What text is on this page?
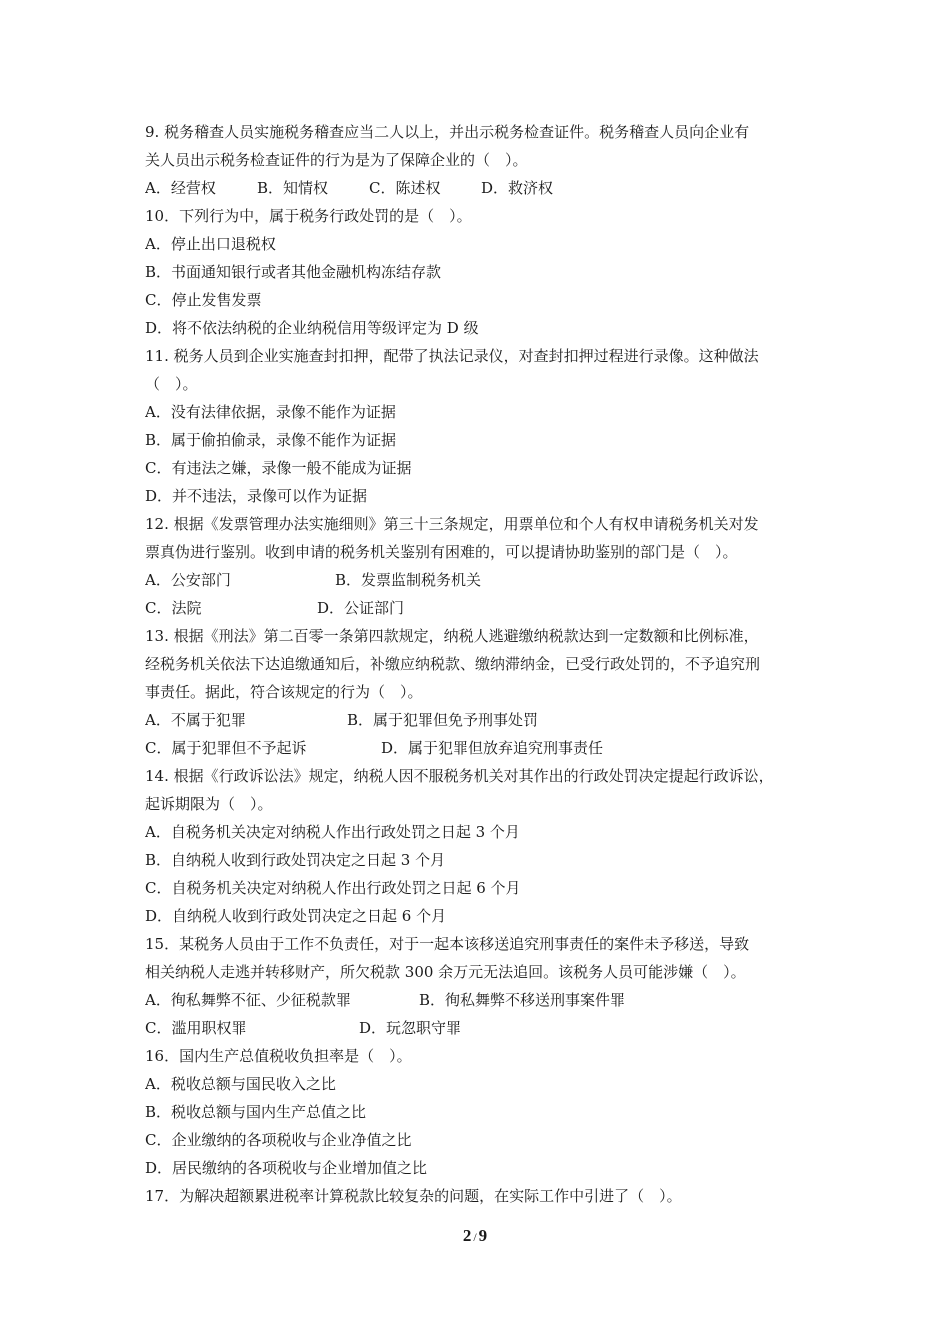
9. 税务稽查人员实施税务稽查应当二人以上，并出示税务检查证件。税务稽查人员向企业有
关人员出示税务检查证件的行为是为了保障企业的（　）。
A．经营权	B．知情权	C．陈述权	D．救济权
10．下列行为中，属于税务行政处罚的是（　）。
A．停止出口退税权
B．书面通知银行或者其他金融机构冻结存款
C．停止发售发票
D．将不依法纳税的企业纳税信用等级评定为 D 级
11. 税务人员到企业实施查封扣押，配带了执法记录仪，对查封扣押过程进行录像。这种做法
（　）。
A．没有法律依据，录像不能作为证据
B．属于偷拍偷录，录像不能作为证据
C．有违法之嫌，录像一般不能成为证据
D．并不违法，录像可以作为证据
12. 根据《发票管理办法实施细则》第三十三条规定，用票单位和个人有权申请税务机关对发
票真伪进行鉴别。收到申请的税务机关鉴别有困难的，可以提请协助鉴别的部门是（　）。
A．公安部门	B．发票监制税务机关
C．法院	D．公证部门
13. 根据《刑法》第二百零一条第四款规定，纳税人逃避缴纳税款达到一定数额和比例标准，
经税务机关依法下达追缴通知后，补缴应纳税款、缴纳滞纳金，已受行政处罚的，不予追究刑
事责任。据此，符合该规定的行为（　）。
A．不属于犯罪	B．属于犯罪但免予刑事处罚
C．属于犯罪但不予起诉	D．属于犯罪但放弃追究刑事责任
14. 根据《行政诉讼法》规定，纳税人因不服税务机关对其作出的行政处罚决定提起行政诉讼，
起诉期限为（　）。
A．自税务机关决定对纳税人作出行政处罚之日起 3 个月
B．自纳税人收到行政处罚决定之日起 3 个月
C．自税务机关决定对纳税人作出行政处罚之日起 6 个月
D．自纳税人收到行政处罚决定之日起 6 个月
15．某税务人员由于工作不负责任，对于一起本该移送追究刑事责任的案件未予移送，导致
相关纳税人走逃并转移财产，所欠税款 300 余万元无法追回。该税务人员可能涉嫌（　）。
A．徇私舞弊不征、少征税款罪	B．徇私舞弊不移送刑事案件罪
C．滥用职权罪	D．玩忽职守罪
16．国内生产总值税收负担率是（　）。
A．税收总额与国民收入之比
B．税收总额与国内生产总值之比
C．企业缴纳的各项税收与企业净值之比
D．居民缴纳的各项税收与企业增加值之比
17．为解决超额累进税率计算税款比较复杂的问题，在实际工作中引进了（　）。
2 / 9
